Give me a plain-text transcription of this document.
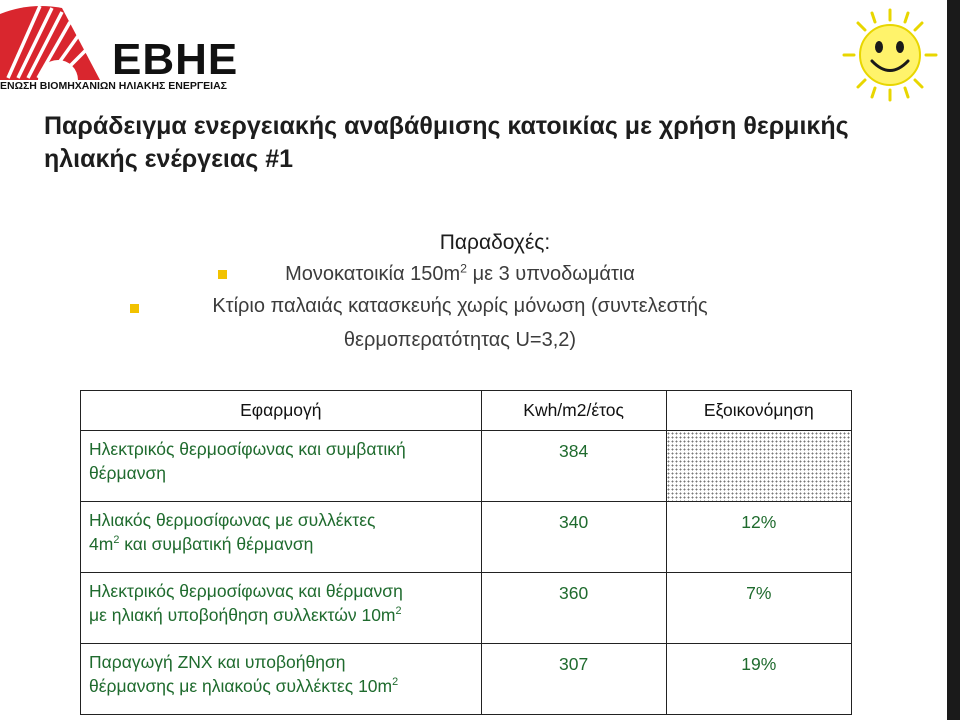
EBHE
ΕΝΩΣΗ ΒΙΟΜΗΧΑΝΙΩΝ ΗΛΙΑΚΗΣ ΕΝΕΡΓΕΙΑΣ
Παράδειγμα ενεργειακής αναβάθμισης κατοικίας με χρήση θερμικής
ηλιακής ενέργειας #1
Παραδοχές:
Μονοκατοικία $150m^2$ με 3 υπνοδωμάτια
Κτίριο παλαιάς κατασκευής χωρίς μόνωση (συντελεστής
θερμοπερατότητας U=3,2)
Εφαρμογή	Kwh/m2/έτος	Εξοικονόμηση
Ηλεκτρικός θερμοσίφωνας και συμβατική
θέρμανση	384	
Ηλιακός θερμοσίφωνας με συλλέκτες
$4m^2$ και συμβατική θέρμανση	340	12%
Ηλεκτρικός θερμοσίφωνας και θέρμανση
με ηλιακή υποβοήθηση συλλεκτών $10m^2$	360	7%
Παραγωγή ΖΝΧ και υποβοήθηση
θέρμανσης με ηλιακούς συλλέκτες $10m^2$	307	19%
